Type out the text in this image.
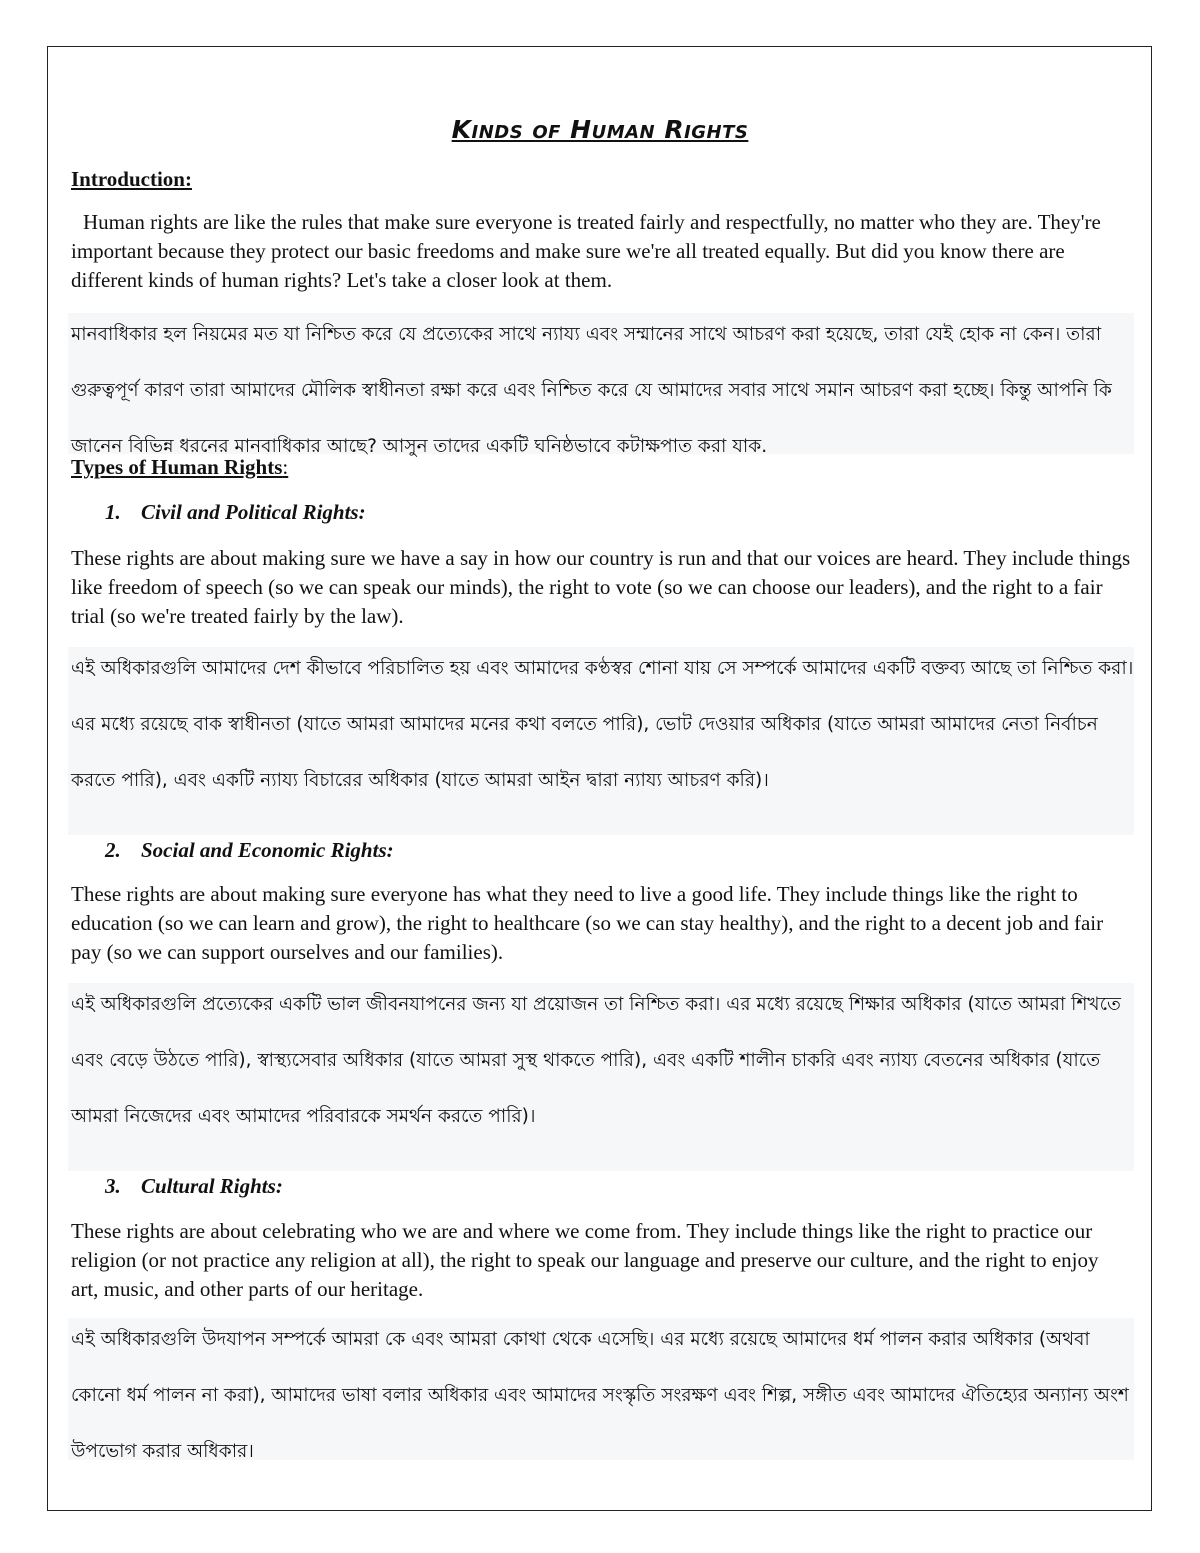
Kinds of Human Rights
Introduction:
Human rights are like the rules that make sure everyone is treated fairly and respectfully, no matter who they are. They're important because they protect our basic freedoms and make sure we're all treated equally. But did you know there are different kinds of human rights? Let's take a closer look at them.
মানবাধিকার হল নিয়মের মত যা নিশ্চিত করে যে প্রত্যেকের সাথে ন্যায্য এবং সম্মানের সাথে আচরণ করা হয়েছে, তারা যেই হোক না কেন। তারা গুরুত্বপূর্ণ কারণ তারা আমাদের মৌলিক স্বাধীনতা রক্ষা করে এবং নিশ্চিত করে যে আমাদের সবার সাথে সমান আচরণ করা হচ্ছে। কিন্তু আপনি কি জানেন বিভিন্ন ধরনের মানবাধিকার আছে? আসুন তাদের একটি ঘনিষ্ঠভাবে কটাক্ষপাত করা যাক.
Types of Human Rights:
1. Civil and Political Rights:
These rights are about making sure we have a say in how our country is run and that our voices are heard. They include things like freedom of speech (so we can speak our minds), the right to vote (so we can choose our leaders), and the right to a fair trial (so we're treated fairly by the law).
এই অধিকারগুলি আমাদের দেশ কীভাবে পরিচালিত হয় এবং আমাদের কণ্ঠস্বর শোনা যায় সে সম্পর্কে আমাদের একটি বক্তব্য আছে তা নিশ্চিত করা। এর মধ্যে রয়েছে বাক স্বাধীনতা (যাতে আমরা আমাদের মনের কথা বলতে পারি), ভোট দেওয়ার অধিকার (যাতে আমরা আমাদের নেতা নির্বাচন করতে পারি), এবং একটি ন্যায্য বিচারের অধিকার (যাতে আমরা আইন দ্বারা ন্যায্য আচরণ করি)।
2. Social and Economic Rights:
These rights are about making sure everyone has what they need to live a good life. They include things like the right to education (so we can learn and grow), the right to healthcare (so we can stay healthy), and the right to a decent job and fair pay (so we can support ourselves and our families).
এই অধিকারগুলি প্রত্যেকের একটি ভাল জীবনযাপনের জন্য যা প্রয়োজন তা নিশ্চিত করা। এর মধ্যে রয়েছে শিক্ষার অধিকার (যাতে আমরা শিখতে এবং বেড়ে উঠতে পারি), স্বাস্থ্যসেবার অধিকার (যাতে আমরা সুস্থ থাকতে পারি), এবং একটি শালীন চাকরি এবং ন্যায্য বেতনের অধিকার (যাতে আমরা নিজেদের এবং আমাদের পরিবারকে সমর্থন করতে পারি)।
3. Cultural Rights:
These rights are about celebrating who we are and where we come from. They include things like the right to practice our religion (or not practice any religion at all), the right to speak our language and preserve our culture, and the right to enjoy art, music, and other parts of our heritage.
এই অধিকারগুলি উদযাপন সম্পর্কে আমরা কে এবং আমরা কোথা থেকে এসেছি। এর মধ্যে রয়েছে আমাদের ধর্ম পালন করার অধিকার (অথবা কোনো ধর্ম পালন না করা), আমাদের ভাষা বলার অধিকার এবং আমাদের সংস্কৃতি সংরক্ষণ এবং শিল্প, সঙ্গীত এবং আমাদের ঐতিহ্যের অন্যান্য অংশ উপভোগ করার অধিকার।
